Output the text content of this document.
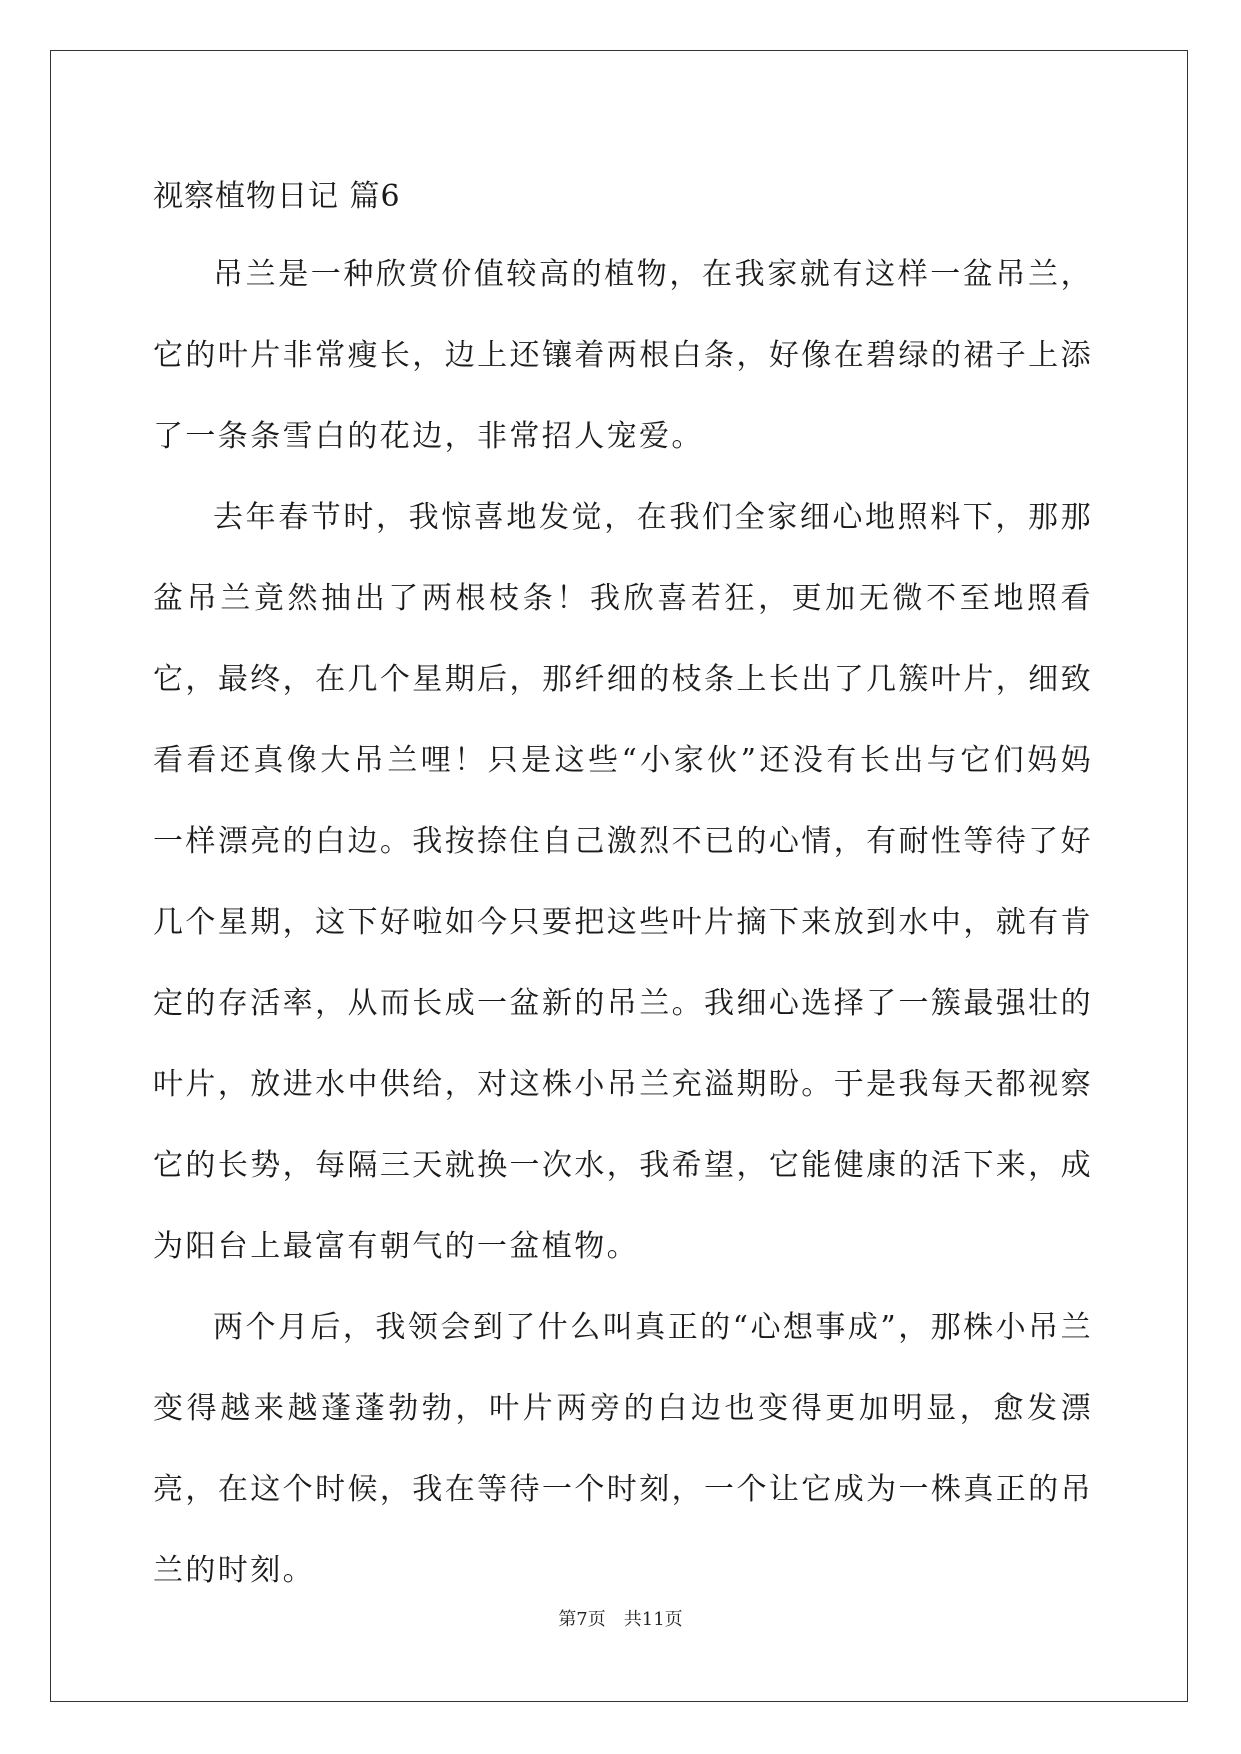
视察植物日记 篇6

吊兰是一种欣赏价值较高的植物，在我家就有这样一盆吊兰，它的叶片非常瘦长，边上还镶着两根白条，好像在碧绿的裙子上添了一条条雪白的花边，非常招人宠爱。

去年春节时，我惊喜地发觉，在我们全家细心地照料下，那那盆吊兰竟然抽出了两根枝条！我欣喜若狂，更加无微不至地照看它，最终，在几个星期后，那纤细的枝条上长出了几簇叶片，细致看看还真像大吊兰哩！只是这些“小家伙”还没有长出与它们妈妈一样漂亮的白边。我按捺住自己激烈不已的心情，有耐性等待了好几个星期，这下好啦如今只要把这些叶片摘下来放到水中，就有肯定的存活率，从而长成一盆新的吊兰。我细心选择了一簇最强壮的叶片，放进水中供给，对这株小吊兰充溢期盼。于是我每天都视察它的长势，每隔三天就换一次水，我希望，它能健康的活下来，成为阳台上最富有朝气的一盆植物。

两个月后，我领会到了什么叫真正的“心想事成”，那株小吊兰变得越来越蓬蓬勃勃，叶片两旁的白边也变得更加明显，愈发漂亮，在这个时候，我在等待一个时刻，一个让它成为一株真正的吊兰的时刻。

第7页　共11页
